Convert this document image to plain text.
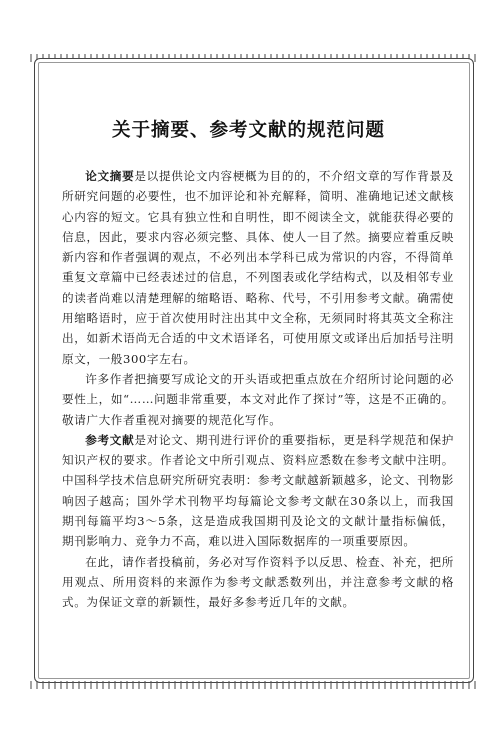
关于摘要、参考文献的规范问题

论文摘要是以提供论文内容梗概为目的的，不介绍文章的写作背景及所研究问题的必要性，也不加评论和补充解释，简明、准确地记述文献核心内容的短文。它具有独立性和自明性，即不阅读全文，就能获得必要的信息，因此，要求内容必须完整、具体、使人一目了然。摘要应着重反映新内容和作者强调的观点，不必列出本学科已成为常识的内容，不得简单重复文章篇中已经表述过的信息，不列图表或化学结构式，以及相邻专业的读者尚难以清楚理解的缩略语、略称、代号，不引用参考文献。确需使用缩略语时，应于首次使用时注出其中文全称，无须同时将其英文全称注出，如新术语尚无合适的中文术语译名，可使用原文或译出后加括号注明原文，一般300字左右。

许多作者把摘要写成论文的开头语或把重点放在介绍所讨论问题的必要性上，如“……问题非常重要，本文对此作了探讨”等，这是不正确的。敬请广大作者重视对摘要的规范化写作。

参考文献是对论文、期刊进行评价的重要指标，更是科学规范和保护知识产权的要求。作者论文中所引观点、资料应悉数在参考文献中注明。中国科学技术信息研究所研究表明：参考文献越新颖越多，论文、刊物影响因子越高；国外学术刊物平均每篇论文参考文献在30条以上，而我国期刊每篇平均3～5条，这是造成我国期刊及论文的文献计量指标偏低，期刊影响力、竞争力不高，难以进入国际数据库的一项重要原因。

在此，请作者投稿前，务必对写作资料予以反思、检查、补充，把所用观点、所用资料的来源作为参考文献悉数列出，并注意参考文献的格式。为保证文章的新颖性，最好多参考近几年的文献。
